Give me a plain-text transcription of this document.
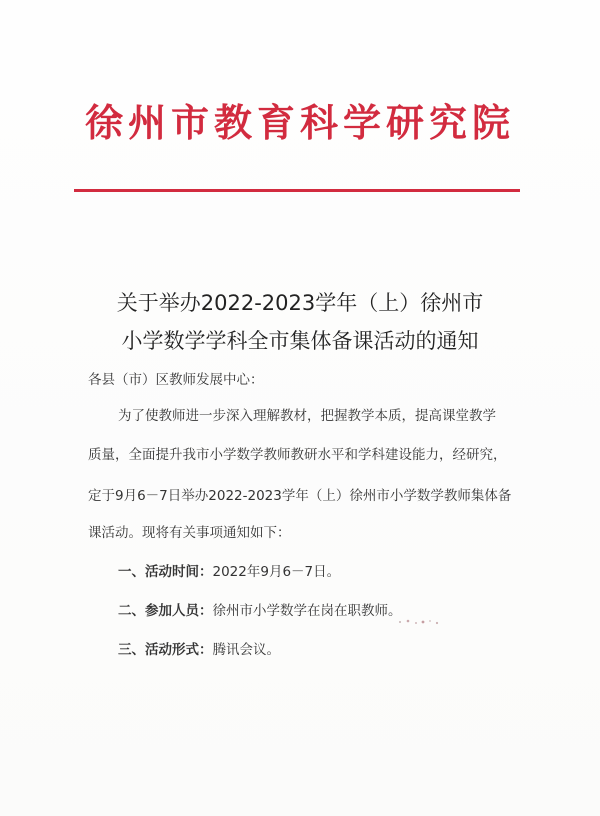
徐州市教育科学研究院
关于举办2022-2023学年（上）徐州市
小学数学学科全市集体备课活动的通知
各县（市）区教师发展中心：
为了使教师进一步深入理解教材，把握教学本质，提高课堂教学
质量，全面提升我市小学数学教师教研水平和学科建设能力，经研究，
定于9月6－7日举办2022-2023学年（上）徐州市小学数学教师集体备
课活动。现将有关事项通知如下：
一、活动时间：2022年9月6－7日。
二、参加人员：徐州市小学数学在岗在职教师。
三、活动形式：腾讯会议。
